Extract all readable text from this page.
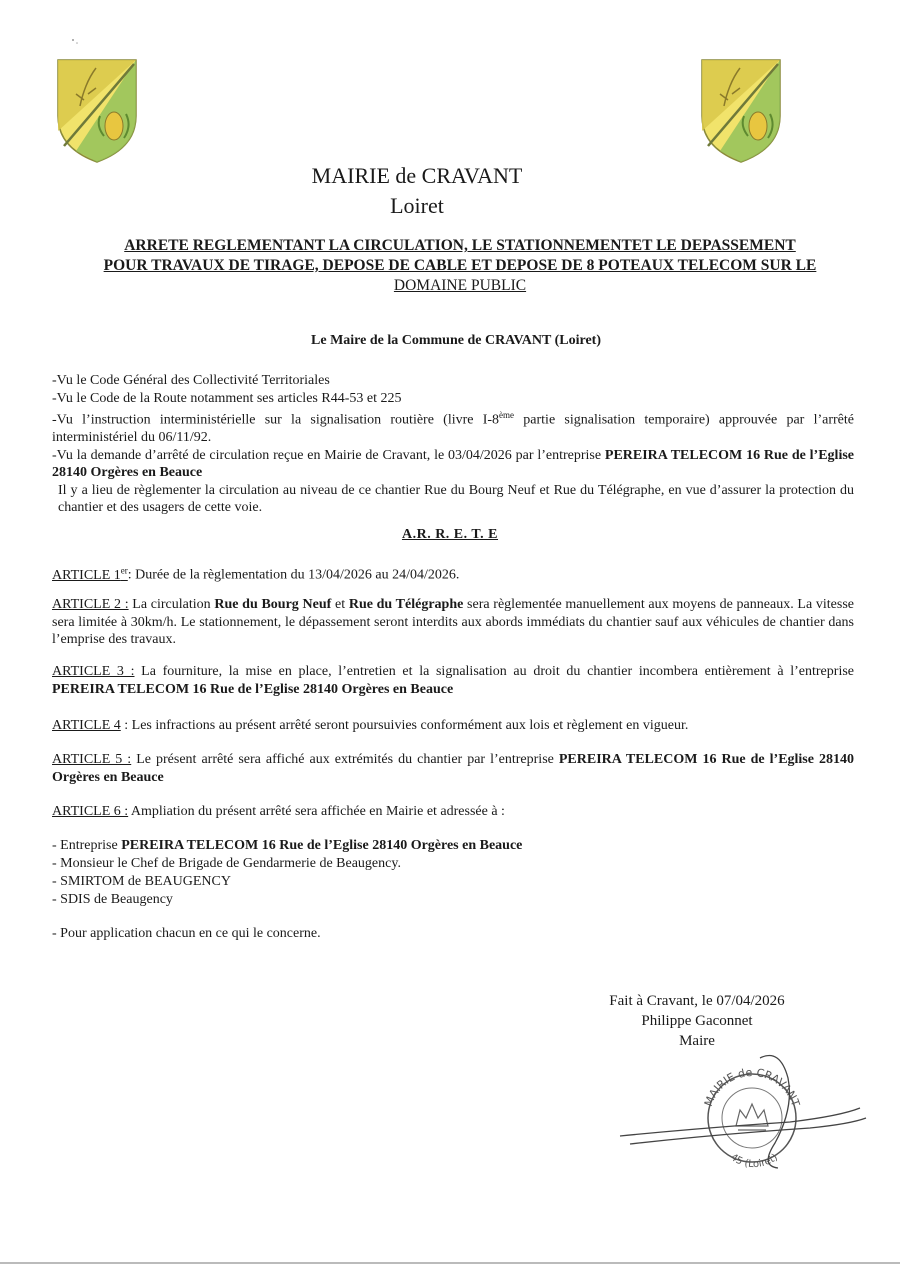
MAIRIE de CRAVANT
Loiret
ARRETE REGLEMENTANT LA CIRCULATION, LE STATIONNEMENTET LE DEPASSEMENT
POUR TRAVAUX DE TIRAGE, DEPOSE DE CABLE ET DEPOSE DE 8 POTEAUX TELECOM SUR LE
DOMAINE PUBLIC
Le Maire de la Commune de CRAVANT (Loiret)

-Vu le Code Général des Collectivité Territoriales

-Vu le Code de la Route notamment ses articles R44-53 et 225

-Vu l’instruction interministérielle sur la signalisation routière (livre I-8ème partie signalisation temporaire) approuvée par l’arrêté interministériel du 06/11/92.

-Vu la demande d’arrêté de circulation reçue en Mairie de Cravant, le 03/04/2026 par l’entreprise PEREIRA TELECOM 16 Rue de l’Eglise 28140 Orgères en Beauce

Il y a lieu de règlementer la circulation au niveau de ce chantier Rue du Bourg Neuf et Rue du Télégraphe, en vue d’assurer la protection du chantier et des usagers de cette voie.

A.R. R. E. T. E

ARTICLE 1er: Durée de la règlementation du 13/04/2026 au 24/04/2026.

ARTICLE 2 : La circulation Rue du Bourg Neuf et Rue du Télégraphe sera règlementée manuellement aux moyens de panneaux. La vitesse sera limitée à 30km/h. Le stationnement, le dépassement seront interdits aux abords immédiats du chantier sauf aux véhicules de chantier dans l’emprise des travaux.

ARTICLE 3 : La fourniture, la mise en place, l’entretien et la signalisation au droit du chantier incombera entièrement à l’entreprise PEREIRA TELECOM 16 Rue de l’Eglise 28140 Orgères en Beauce

ARTICLE 4 : Les infractions au présent arrêté seront poursuivies conformément aux lois et règlement en vigueur.

ARTICLE 5 : Le présent arrêté sera affiché aux extrémités du chantier par l’entreprise PEREIRA TELECOM 16 Rue de l’Eglise 28140 Orgères en Beauce

ARTICLE 6 : Ampliation du présent arrêté sera affichée en Mairie et adressée à :

- Entreprise PEREIRA TELECOM 16 Rue de l’Eglise 28140 Orgères en Beauce

- Monsieur le Chef de Brigade de Gendarmerie de Beaugency.

- SMIRTOM de BEAUGENCY

- SDIS de Beaugency

- Pour application chacun en ce qui le concerne.
Fait à Cravant, le 07/04/2026
Philippe Gaconnet
Maire
MAIRIE de CRAVANT
45 (Loiret)
